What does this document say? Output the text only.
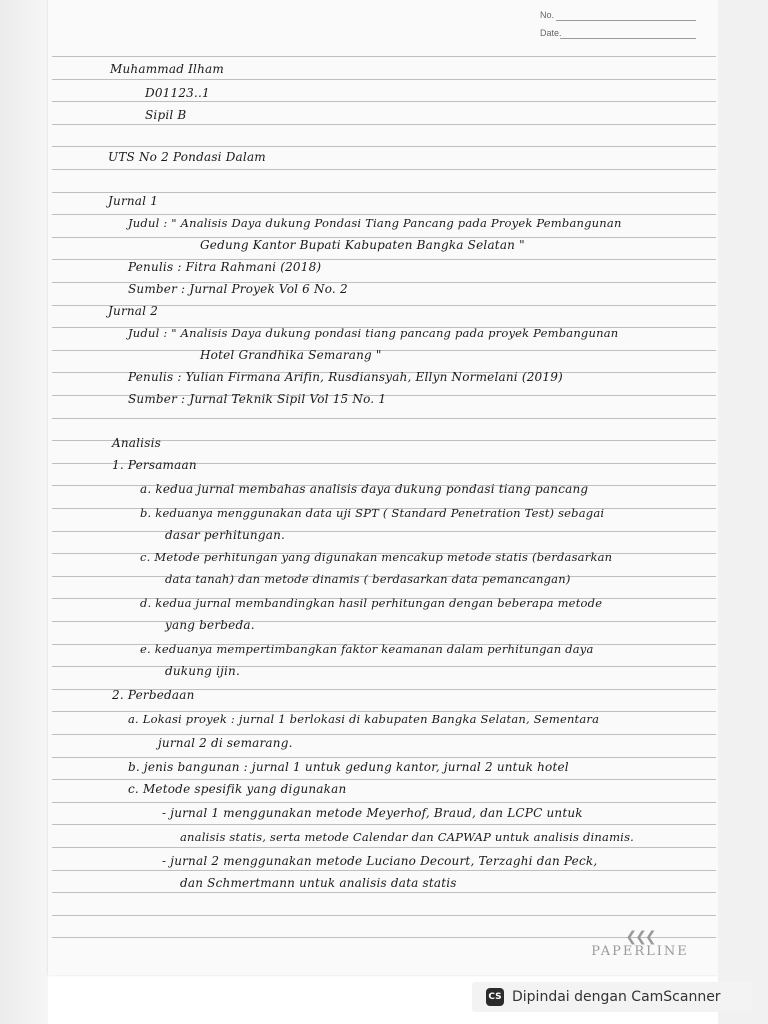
No.
Date.
Muhammad Ilham
D01123..1
Sipil B
UTS No 2 Pondasi Dalam
Jurnal 1
Judul : " Analisis Daya dukung Pondasi Tiang Pancang pada Proyek Pembangunan
Gedung Kantor Bupati Kabupaten Bangka Selatan "
Penulis : Fitra Rahmani (2018)
Sumber : Jurnal Proyek Vol 6 No. 2
Jurnal 2
Judul : " Analisis Daya dukung pondasi tiang pancang pada proyek Pembangunan
Hotel Grandhika Semarang "
Penulis : Yulian Firmana Arifin, Rusdiansyah, Ellyn Normelani (2019)
Sumber : Jurnal Teknik Sipil Vol 15 No. 1
Analisis
1. Persamaan
a. kedua jurnal membahas analisis daya dukung pondasi tiang pancang
b. keduanya menggunakan data uji SPT ( Standard Penetration Test) sebagai
dasar perhitungan.
c. Metode perhitungan yang digunakan mencakup metode statis (berdasarkan
data tanah) dan metode dinamis ( berdasarkan data pemancangan)
d. kedua jurnal membandingkan hasil perhitungan dengan beberapa metode
yang berbeda.
e. keduanya mempertimbangkan faktor keamanan dalam perhitungan daya
dukung ijin.
2. Perbedaan
a. Lokasi proyek : jurnal 1 berlokasi di kabupaten Bangka Selatan, Sementara
jurnal 2 di semarang.
b. jenis bangunan : jurnal 1 untuk gedung kantor, jurnal 2 untuk hotel
c. Metode spesifik yang digunakan
- jurnal 1 menggunakan metode Meyerhof, Braud, dan LCPC untuk
analisis statis, serta metode Calendar dan CAPWAP untuk analisis dinamis.
- jurnal 2 menggunakan metode Luciano Decourt, Terzaghi dan Peck,
dan Schmertmann untuk analisis data statis
❮❮❮
PAPERLINE
CS Dipindai dengan CamScanner
